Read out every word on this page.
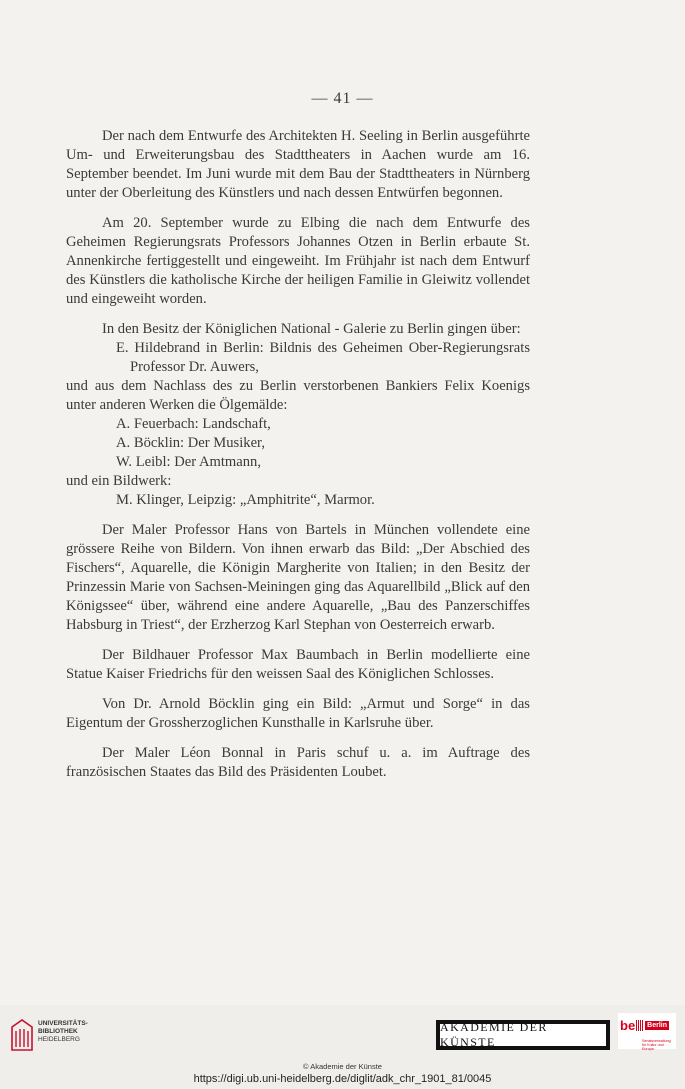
— 41 —

Der nach dem Entwurfe des Architekten H. Seeling in Berlin ausgeführte Um- und Erweiterungsbau des Stadttheaters in Aachen wurde am 16. September beendet. Im Juni wurde mit dem Bau der Stadttheaters in Nürnberg unter der Oberleitung des Künstlers und nach dessen Entwürfen begonnen.

Am 20. September wurde zu Elbing die nach dem Entwurfe des Geheimen Regierungsrats Professors Johannes Otzen in Berlin erbaute St. Annenkirche fertiggestellt und eingeweiht. Im Frühjahr ist nach dem Entwurf des Künstlers die katholische Kirche der heiligen Familie in Gleiwitz vollendet und eingeweiht worden.

In den Besitz der Königlichen National - Galerie zu Berlin gingen über:

E. Hildebrand in Berlin: Bildnis des Geheimen Ober-Regierungsrats Professor Dr. Auwers,

und aus dem Nachlass des zu Berlin verstorbenen Bankiers Felix Koenigs unter anderen Werken die Ölgemälde:

A. Feuerbach: Landschaft,

A. Böcklin: Der Musiker,

W. Leibl: Der Amtmann,

und ein Bildwerk:

M. Klinger, Leipzig: „Amphitrite“, Marmor.

Der Maler Professor Hans von Bartels in München vollendete eine grössere Reihe von Bildern. Von ihnen erwarb das Bild: „Der Abschied des Fischers“, Aquarelle, die Königin Margherite von Italien; in den Besitz der Prinzessin Marie von Sachsen-Meiningen ging das Aquarellbild „Blick auf den Königssee“ über, während eine andere Aquarelle, „Bau des Panzerschiffes Habsburg in Triest“, der Erzherzog Karl Stephan von Oesterreich erwarb.

Der Bildhauer Professor Max Baumbach in Berlin modellierte eine Statue Kaiser Friedrichs für den weissen Saal des Königlichen Schlosses.

Von Dr. Arnold Böcklin ging ein Bild: „Armut und Sorge“ in das Eigentum der Grossherzoglichen Kunsthalle in Karlsruhe über.

Der Maler Léon Bonnal in Paris schuf u. a. im Auftrage des französischen Staates das Bild des Präsidenten Loubet.

UNIVERSITÄTS-
BIBLIOTHEK
HEIDELBERG
AKADEMIE DER KÜNSTE
be Berlin
Senatsverwaltung
für Kultur und Europa
© Akademie der Künste
https://digi.ub.uni-heidelberg.de/diglit/adk_chr_1901_81/0045
